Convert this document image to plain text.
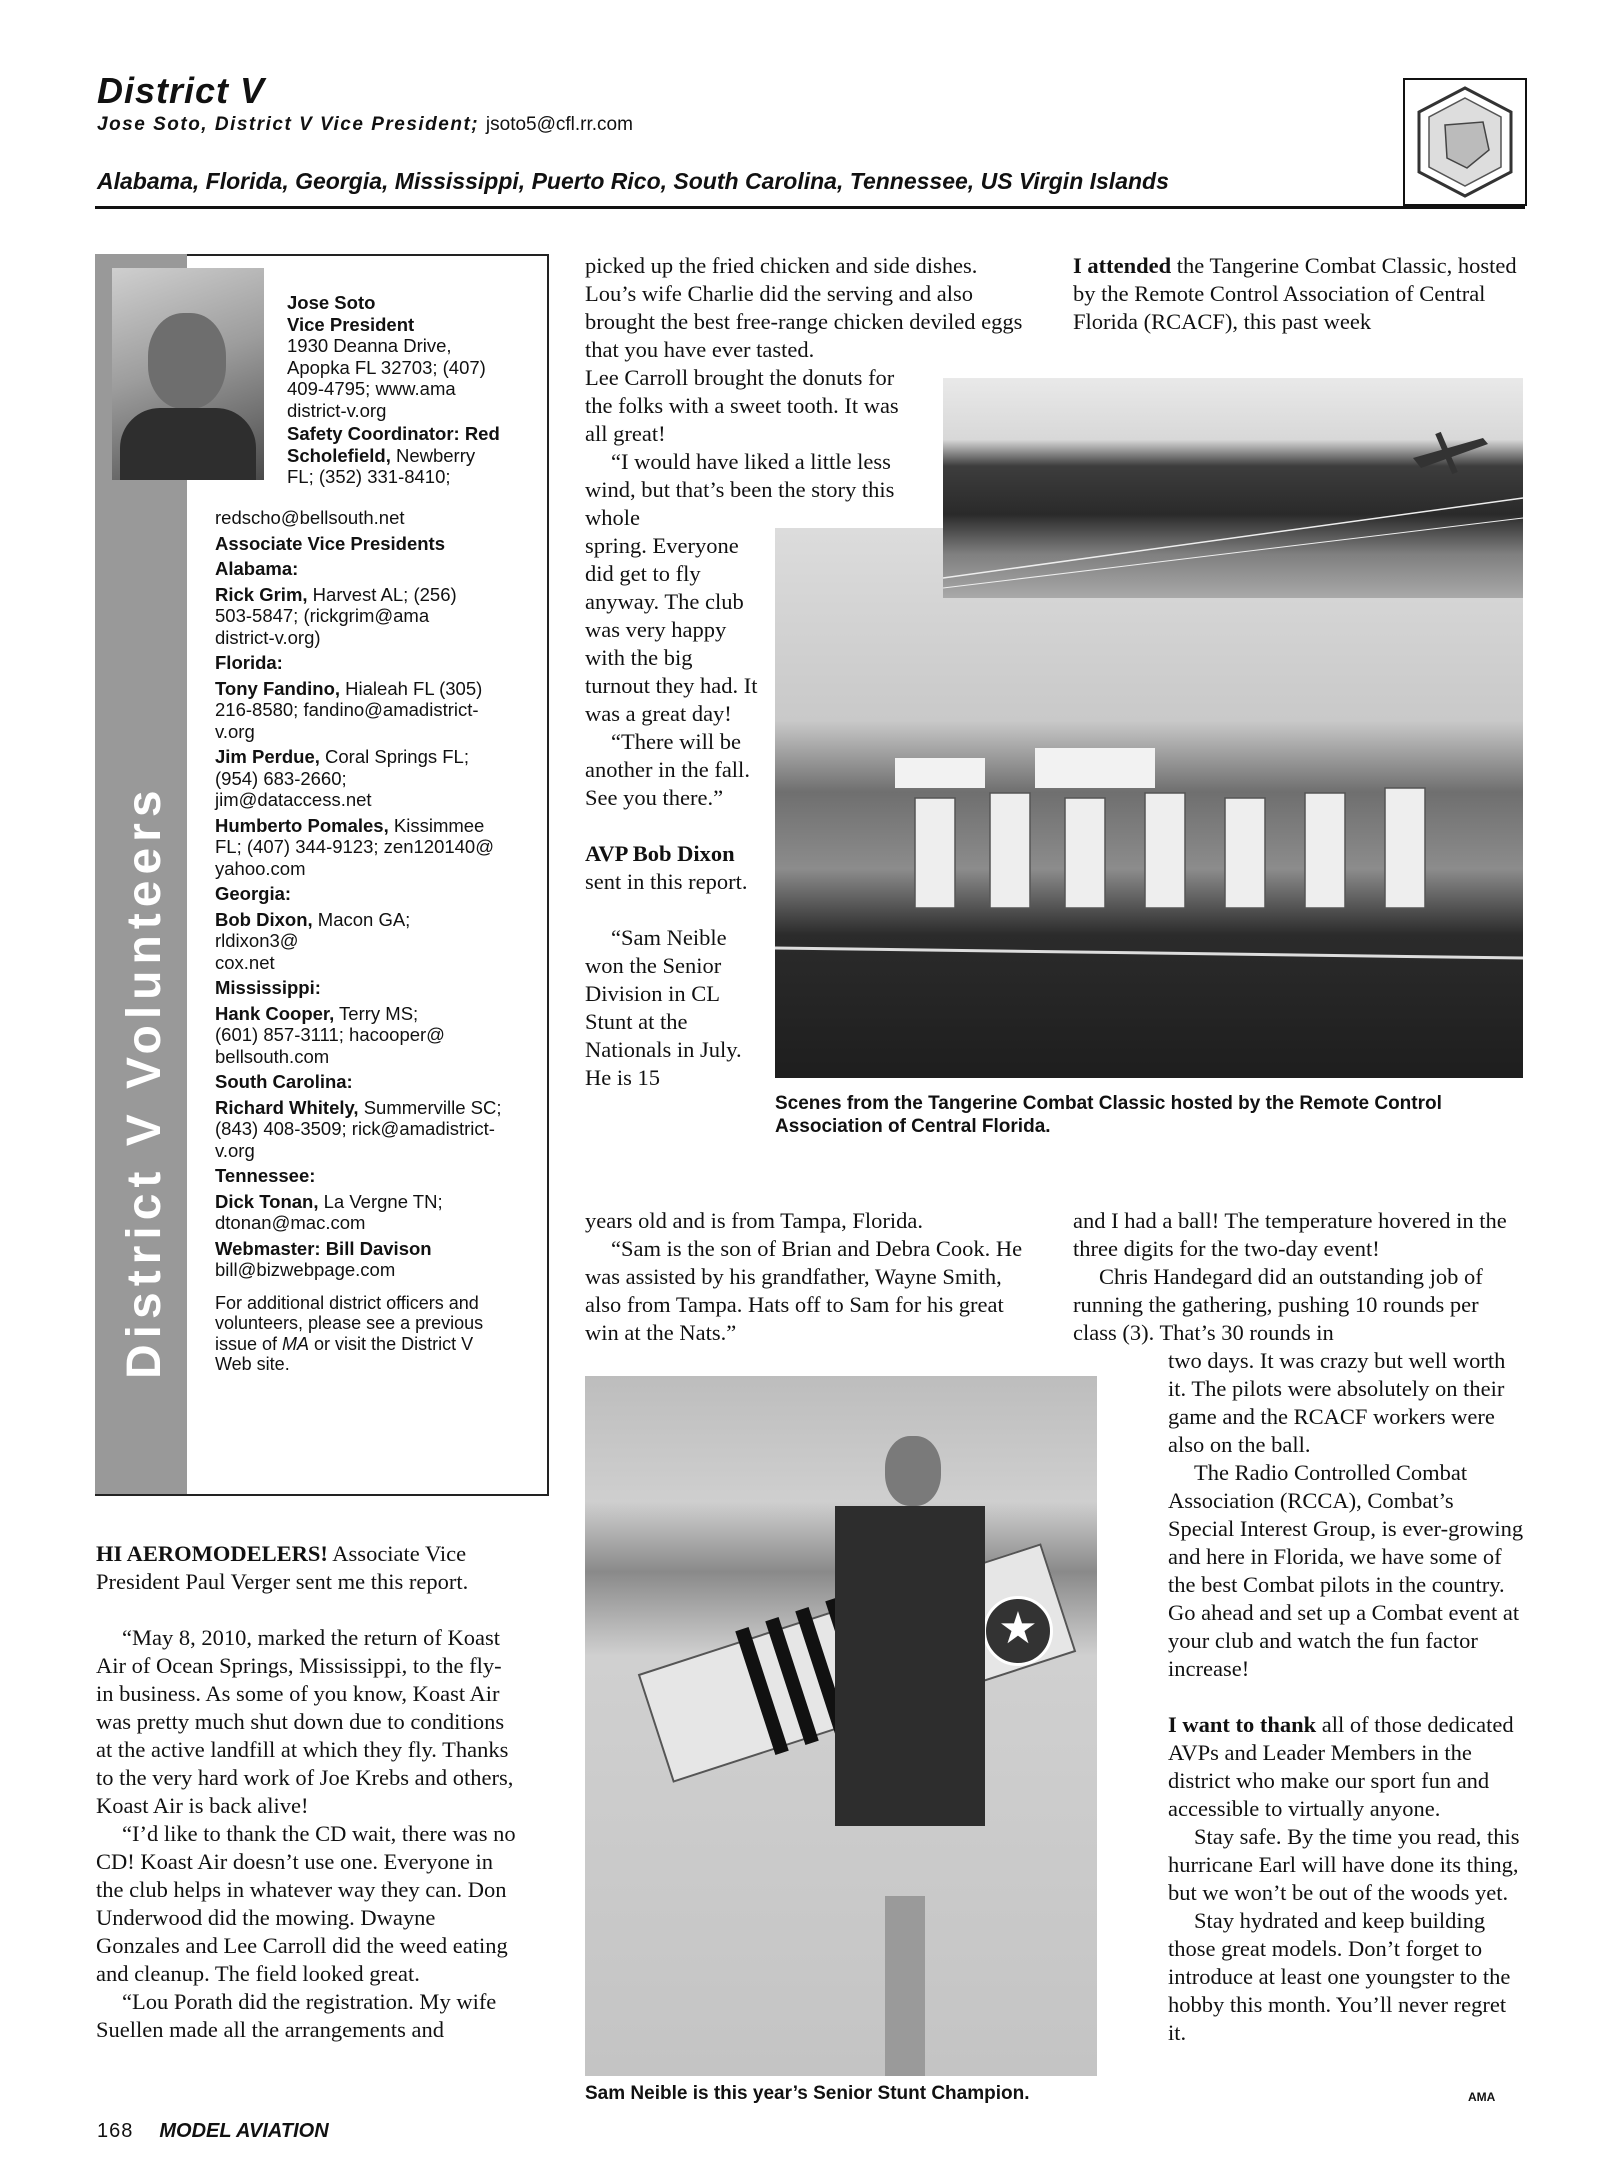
District V
Jose Soto, District V Vice President; jsoto5@cfl.rr.com
Alabama, Florida, Georgia, Mississippi, Puerto Rico, South Carolina, Tennessee, US Virgin Islands
District V Volunteers
Jose Soto
Vice President
1930 Deanna Drive,
Apopka FL 32703; (407)
409-4795; www.ama
district-v.org
Safety Coordinator: Red
Scholefield, Newberry
FL; (352) 331-8410;
redscho@bellsouth.net
Associate Vice Presidents
Alabama:
Rick Grim, Harvest AL; (256)
503-5847; (rickgrim@ama
district-v.org)
Florida:
Tony Fandino, Hialeah FL (305)
216-8580; fandino@amadistrict-
v.org
Jim Perdue, Coral Springs FL;
(954) 683-2660;
jim@dataccess.net
Humberto Pomales, Kissimmee
FL; (407) 344-9123; zen120140@
yahoo.com
Georgia:
Bob Dixon, Macon GA;
rldixon3@
cox.net
Mississippi:
Hank Cooper, Terry MS;
(601) 857-3111; hacooper@
bellsouth.com
South Carolina:
Richard Whitely, Summerville SC;
(843) 408-3509; rick@amadistrict-
v.org
Tennessee:
Dick Tonan, La Vergne TN;
dtonan@mac.com
Webmaster: Bill Davison
bill@bizwebpage.com
For additional district officers and
volunteers, please see a previous
issue of MA or visit the District V
Web site.

HI AEROMODELERS! Associate Vice President Paul Verger sent me this report.

“May 8, 2010, marked the return of Koast Air of Ocean Springs, Mississippi, to the fly-in business. As some of you know, Koast Air was pretty much shut down due to conditions at the active landfill at which they fly. Thanks to the very hard work of Joe Krebs and others, Koast Air is back alive!

“I’d like to thank the CD wait, there was no CD! Koast Air doesn’t use one. Everyone in the club helps in whatever way they can. Don Underwood did the mowing. Dwayne Gonzales and Lee Carroll did the weed eating and cleanup. The field looked great.

“Lou Porath did the registration. My wife Suellen made all the arrangements and

picked up the fried chicken and side dishes. Lou’s wife Charlie did the serving and also brought the best free-range chicken deviled eggs that you have ever tasted.

Lee Carroll brought the donuts for the folks with a sweet tooth. It was all great!

“I would have liked a little less wind, but that’s been the story this whole

spring. Everyone did get to fly anyway. The club was very happy with the big turnout they had. It was a great day!

“There will be another in the fall. See you there.”

AVP Bob Dixon sent in this report.

“Sam Neible won the Senior Division in CL Stunt at the Nationals in July. He is 15

years old and is from Tampa, Florida.

“Sam is the son of Brian and Debra Cook. He was assisted by his grandfather, Wayne Smith, also from Tampa. Hats off to Sam for his great win at the Nats.”

I attended the Tangerine Combat Classic, hosted by the Remote Control Association of Central Florida (RCACF), this past week

and I had a ball! The temperature hovered in the three digits for the two-day event!

Chris Handegard did an outstanding job of running the gathering, pushing 10 rounds per class (3). That’s 30 rounds in

two days. It was crazy but well worth it. The pilots were absolutely on their game and the RCACF workers were also on the ball.

The Radio Controlled Combat Association (RCCA), Combat’s Special Interest Group, is ever-growing and here in Florida, we have some of the best Combat pilots in the country. Go ahead and set up a Combat event at your club and watch the fun factor increase!

I want to thank all of those dedicated AVPs and Leader Members in the district who make our sport fun and accessible to virtually anyone.

Stay safe. By the time you read, this hurricane Earl will have done its thing, but we won’t be out of the woods yet.

Stay hydrated and keep building those great models. Don’t forget to introduce at least one youngster to the hobby this month. You’ll never regret it.

Scenes from the Tangerine Combat Classic hosted by the Remote Control Association of Central Florida.
★
Sam Neible is this year’s Senior Stunt Champion.	AMA
168 MODEL AVIATION
